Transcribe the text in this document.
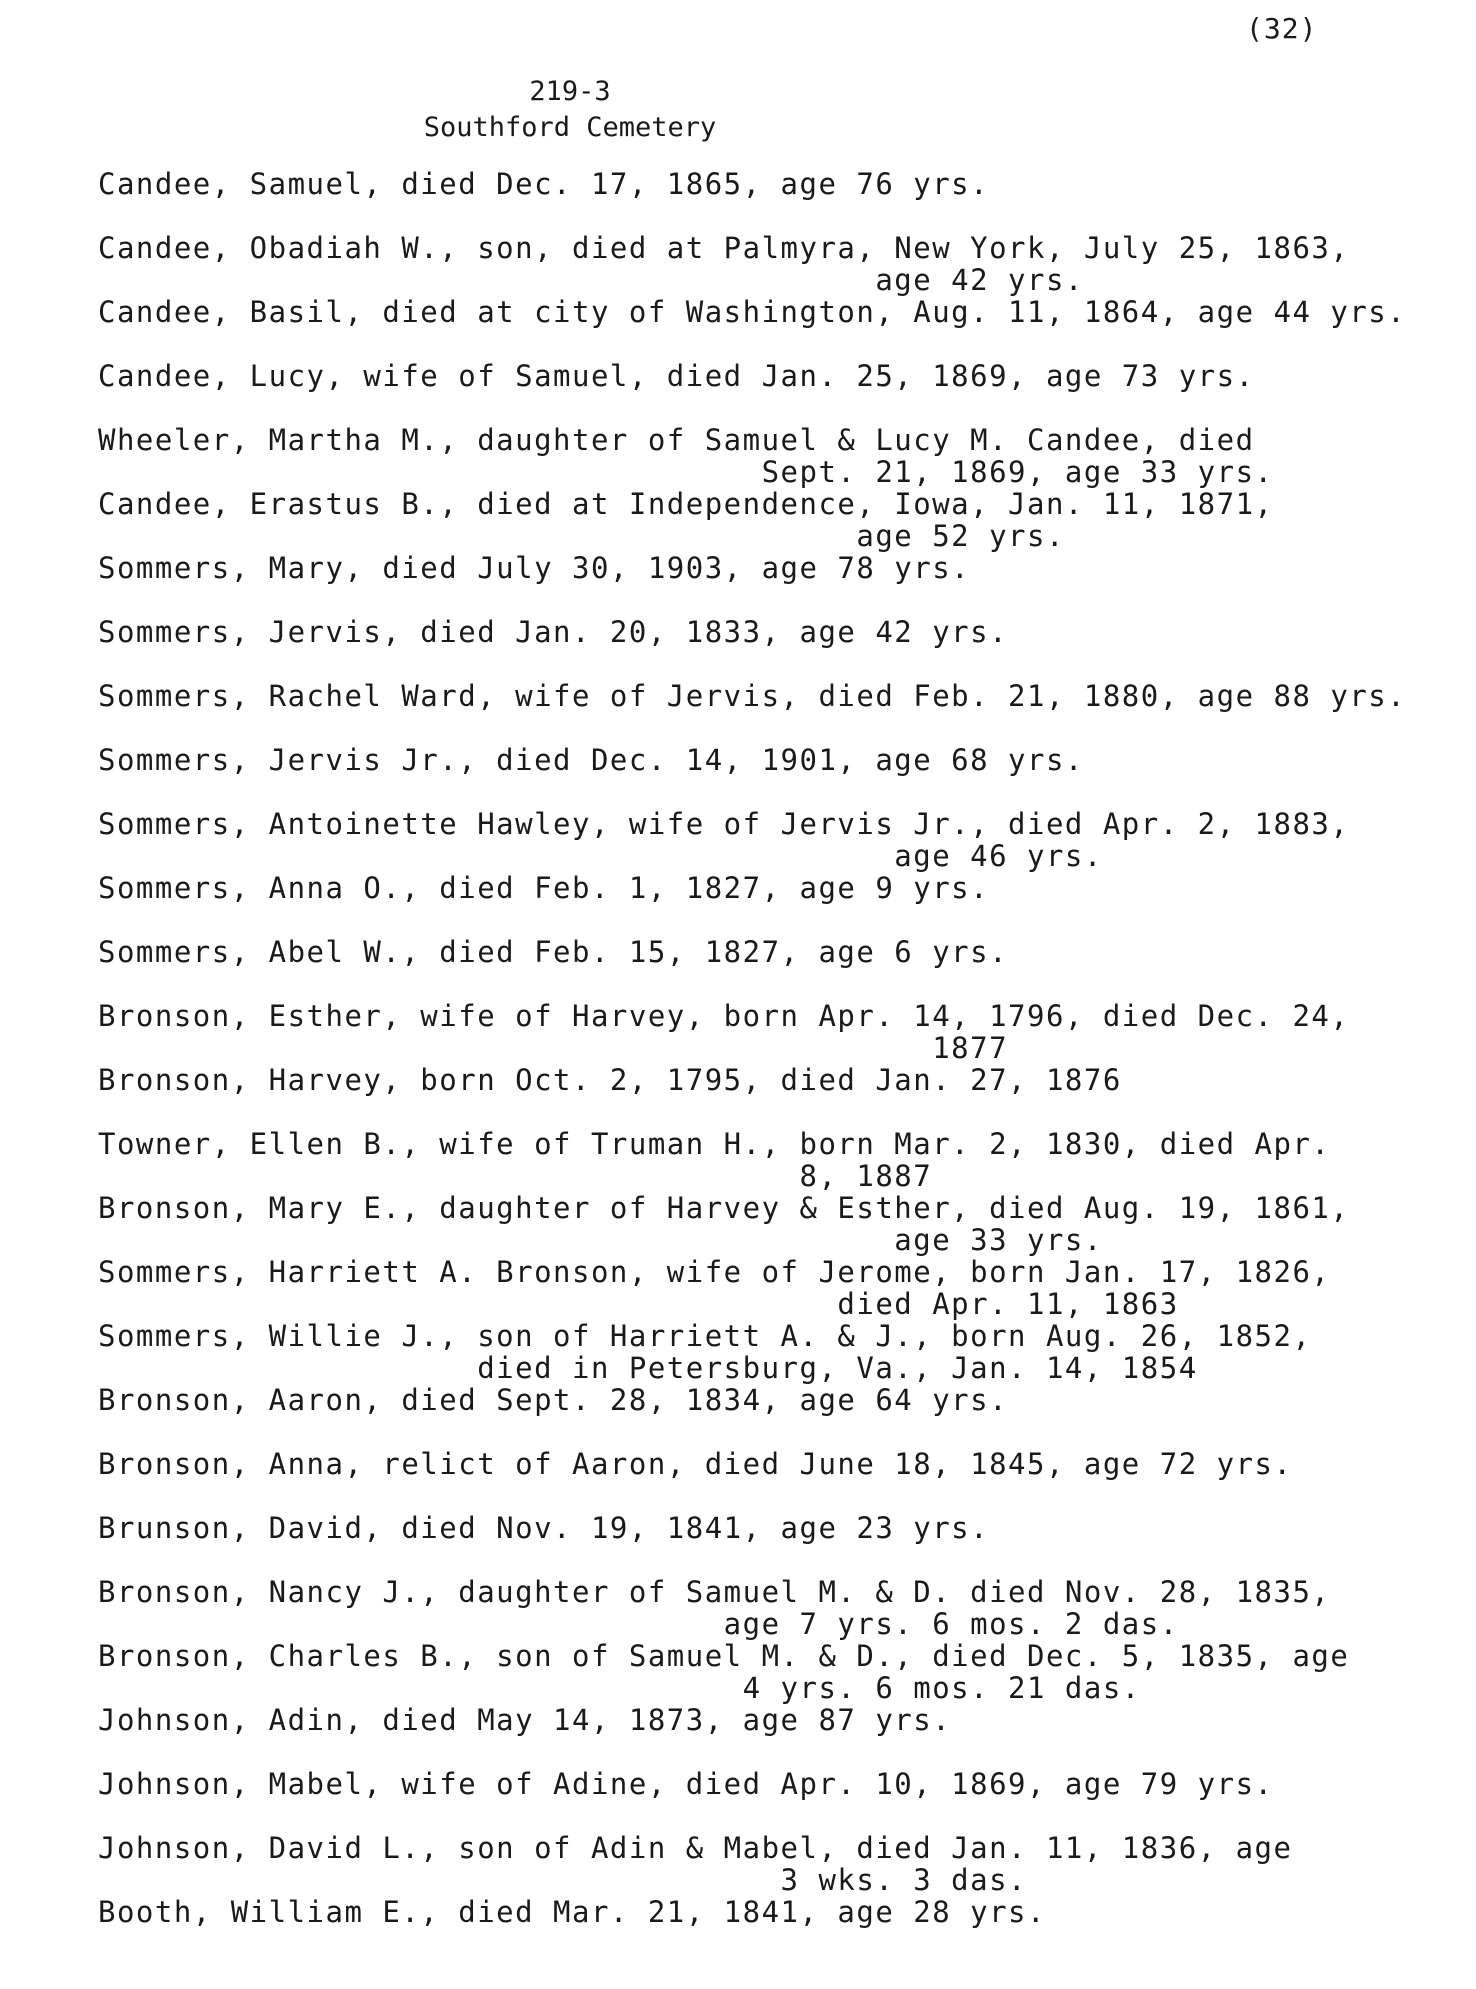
(32)
219-3
Southford Cemetery
Candee, Samuel, died Dec. 17, 1865, age 76 yrs.
Candee, Obadiah W., son, died at Palmyra, New York, July 25, 1863,
age 42 yrs.
Candee, Basil, died at city of Washington, Aug. 11, 1864, age 44 yrs.
Candee, Lucy, wife of Samuel, died Jan. 25, 1869, age 73 yrs.
Wheeler, Martha M., daughter of Samuel & Lucy M. Candee, died
Sept. 21, 1869, age 33 yrs.
Candee, Erastus B., died at Independence, Iowa, Jan. 11, 1871,
age 52 yrs.
Sommers, Mary, died July 30, 1903, age 78 yrs.
Sommers, Jervis, died Jan. 20, 1833, age 42 yrs.
Sommers, Rachel Ward, wife of Jervis, died Feb. 21, 1880, age 88 yrs.
Sommers, Jervis Jr., died Dec. 14, 1901, age 68 yrs.
Sommers, Antoinette Hawley, wife of Jervis Jr., died Apr. 2, 1883,
age 46 yrs.
Sommers, Anna O., died Feb. 1, 1827, age 9 yrs.
Sommers, Abel W., died Feb. 15, 1827, age 6 yrs.
Bronson, Esther, wife of Harvey, born Apr. 14, 1796, died Dec. 24,
1877
Bronson, Harvey, born Oct. 2, 1795, died Jan. 27, 1876
Towner, Ellen B., wife of Truman H., born Mar. 2, 1830, died Apr.
8, 1887
Bronson, Mary E., daughter of Harvey & Esther, died Aug. 19, 1861,
age 33 yrs.
Sommers, Harriett A. Bronson, wife of Jerome, born Jan. 17, 1826,
died Apr. 11, 1863
Sommers, Willie J., son of Harriett A. & J., born Aug. 26, 1852,
died in Petersburg, Va., Jan. 14, 1854
Bronson, Aaron, died Sept. 28, 1834, age 64 yrs.
Bronson, Anna, relict of Aaron, died June 18, 1845, age 72 yrs.
Brunson, David, died Nov. 19, 1841, age 23 yrs.
Bronson, Nancy J., daughter of Samuel M. & D. died Nov. 28, 1835,
age 7 yrs. 6 mos. 2 das.
Bronson, Charles B., son of Samuel M. & D., died Dec. 5, 1835, age
4 yrs. 6 mos. 21 das.
Johnson, Adin, died May 14, 1873, age 87 yrs.
Johnson, Mabel, wife of Adine, died Apr. 10, 1869, age 79 yrs.
Johnson, David L., son of Adin & Mabel, died Jan. 11, 1836, age
3 wks. 3 das.
Booth, William E., died Mar. 21, 1841, age 28 yrs.
